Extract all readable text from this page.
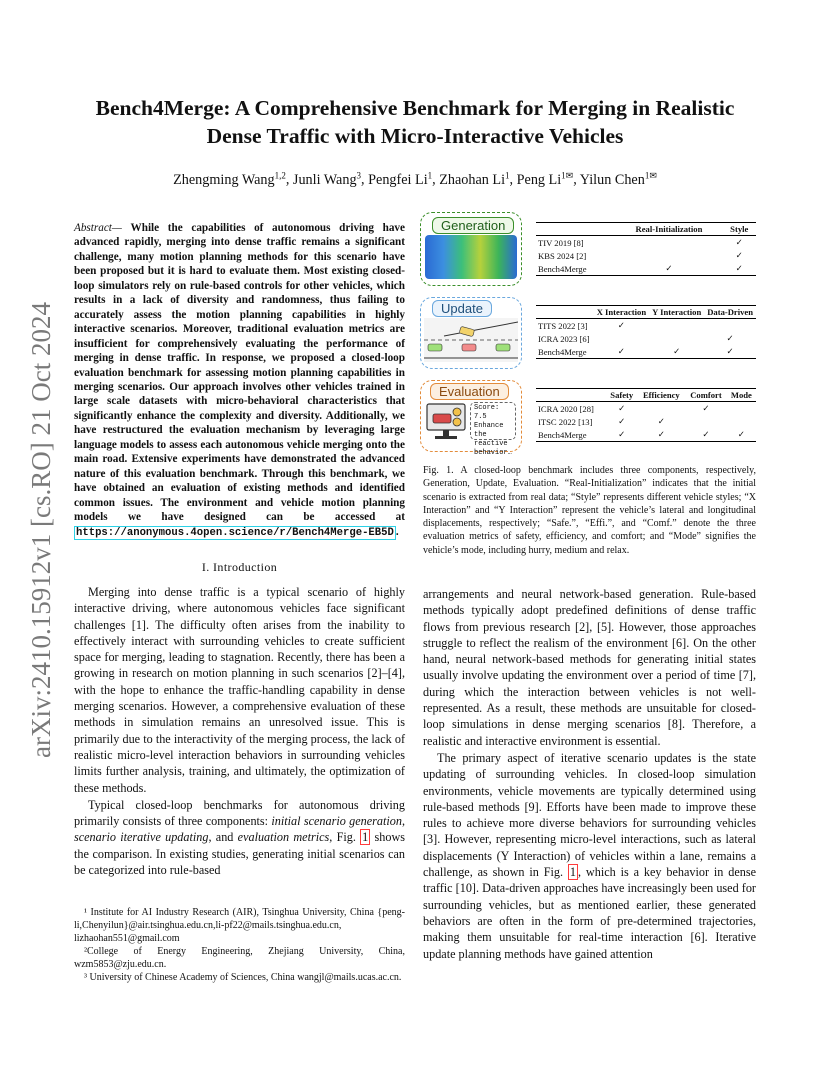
arXiv:2410.15912v1 [cs.RO] 21 Oct 2024
Bench4Merge: A Comprehensive Benchmark for Merging in Realistic Dense Traffic with Micro-Interactive Vehicles
Zhengming Wang$^{1,2}$, Junli Wang$^3$, Pengfei Li$^1$, Zhaohan Li$^1$, Peng $Li^{1✉}$, Yilun Chen$^{1✉}$
Abstract— While the capabilities of autonomous driving have advanced rapidly, merging into dense traffic remains a significant challenge, many motion planning methods for this scenario have been proposed but it is hard to evaluate them. Most existing closed-loop simulators rely on rule-based controls for other vehicles, which results in a lack of diversity and randomness, thus failing to accurately assess the motion planning capabilities in highly interactive scenarios. Moreover, traditional evaluation metrics are insufficient for comprehensively evaluating the performance of merging in dense traffic. In response, we proposed a closed-loop evaluation benchmark for assessing motion planning capabilities in merging scenarios. Our approach involves other vehicles trained in large scale datasets with micro-behavioral characteristics that significantly enhance the complexity and diversity. Additionally, we have restructured the evaluation mechanism by leveraging large language models to assess each autonomous vehicle merging onto the main road. Extensive experiments have demonstrated the advanced nature of this evaluation benchmark. Through this benchmark, we have obtained an evaluation of existing methods and identified common issues. The environment and vehicle motion planning models we have designed can be accessed at https://anonymous.4open.science/r/Bench4Merge-EB5D .
I. Introduction

Merging into dense traffic is a typical scenario of highly interactive driving, where autonomous vehicles face significant challenges [1]. The difficulty often arises from the inability to effectively interact with surrounding vehicles to create sufficient space for merging, leading to stagnation. Recently, there has been a growing in research on motion planning in such scenarios [2]–[4], with the hope to enhance the traffic-handling capability in dense merging scenarios. However, a comprehensive evaluation of these methods in simulation remains an unresolved issue. This is primarily due to the interactivity of the merging process, the lack of realistic micro-level interaction behaviors in surrounding vehicles limits further analysis, training, and ultimately, the optimization of these methods.

Typical closed-loop benchmarks for autonomous driving primarily consists of three components: initial scenario generation, scenario iterative updating, and evaluation metrics, Fig. 1 shows the comparison. In existing studies, generating initial scenarios can be categorized into rule-based

¹ Institute for AI Industry Research (AIR), Tsinghua University, China {peng-li,Chenyilun}@air.tsinghua.edu.cn,li-pf22@mails.tsinghua.edu.cn, lizhaohan551@gmail.com

²College of Energy Engineering, Zhejiang University, China, wzm5853@zju.edu.cn.

³ University of Chinese Academy of Sciences, China wangjl@mails.ucas.ac.cn.

Generation
Update
Score: 7.5
Enhance the
reactive
behavior…
Evaluation
	Real-Initialization	Style
TIV 2019 [8]		✓
KBS 2024 [2]		✓
Bench4Merge	✓	✓
	X Interaction	Y Interaction	Data-Driven
TITS 2022 [3]	✓		
ICRA 2023 [6]			✓
Bench4Merge	✓	✓	✓
	Safety	Efficiency	Comfort	Mode
ICRA 2020 [28]	✓		✓	
ITSC 2022 [13]	✓	✓		
Bench4Merge	✓	✓	✓	✓
Fig. 1. A closed-loop benchmark includes three components, respectively, Generation, Update, Evaluation. “Real-Initialization” indicates that the initial scenario is extracted from real data; “Style” represents different vehicle styles; “X Interaction” and “Y Interaction” represent the vehicle’s lateral and longitudinal displacements, respectively; “Safe.”, “Effi.”, and “Comf.” denote the three evaluation metrics of safety, efficiency, and comfort; and “Mode” signifies the vehicle’s mode, including hurry, medium and relax.

arrangements and neural network-based generation. Rule-based methods typically adopt predefined definitions of dense traffic flows from previous research [2], [5]. However, those approaches struggle to reflect the realism of the environment [6]. On the other hand, neural network-based methods for generating initial states usually involve updating the environment over a period of time [7], during which the interaction between vehicles is not well-represented. As a result, these methods are unsuitable for closed-loop simulations in dense merging scenarios [8]. Therefore, a realistic and interactive environment is essential.

The primary aspect of iterative scenario updates is the state updating of surrounding vehicles. In closed-loop simulation environments, vehicle movements are typically determined using rule-based methods [9]. Efforts have been made to improve these rules to achieve more diverse behaviors for surrounding vehicles [3]. However, representing micro-level interactions, such as lateral displacements (Y Interaction) of vehicles within a lane, remains a challenge, as shown in Fig. 1 , which is a key behavior in dense traffic [10]. Data-driven approaches have increasingly been used for surrounding vehicles, but as mentioned earlier, these generated behaviors are often in the form of pre-determined trajectories, making them unsuitable for real-time interaction [6]. Iterative update planning methods have gained attention
